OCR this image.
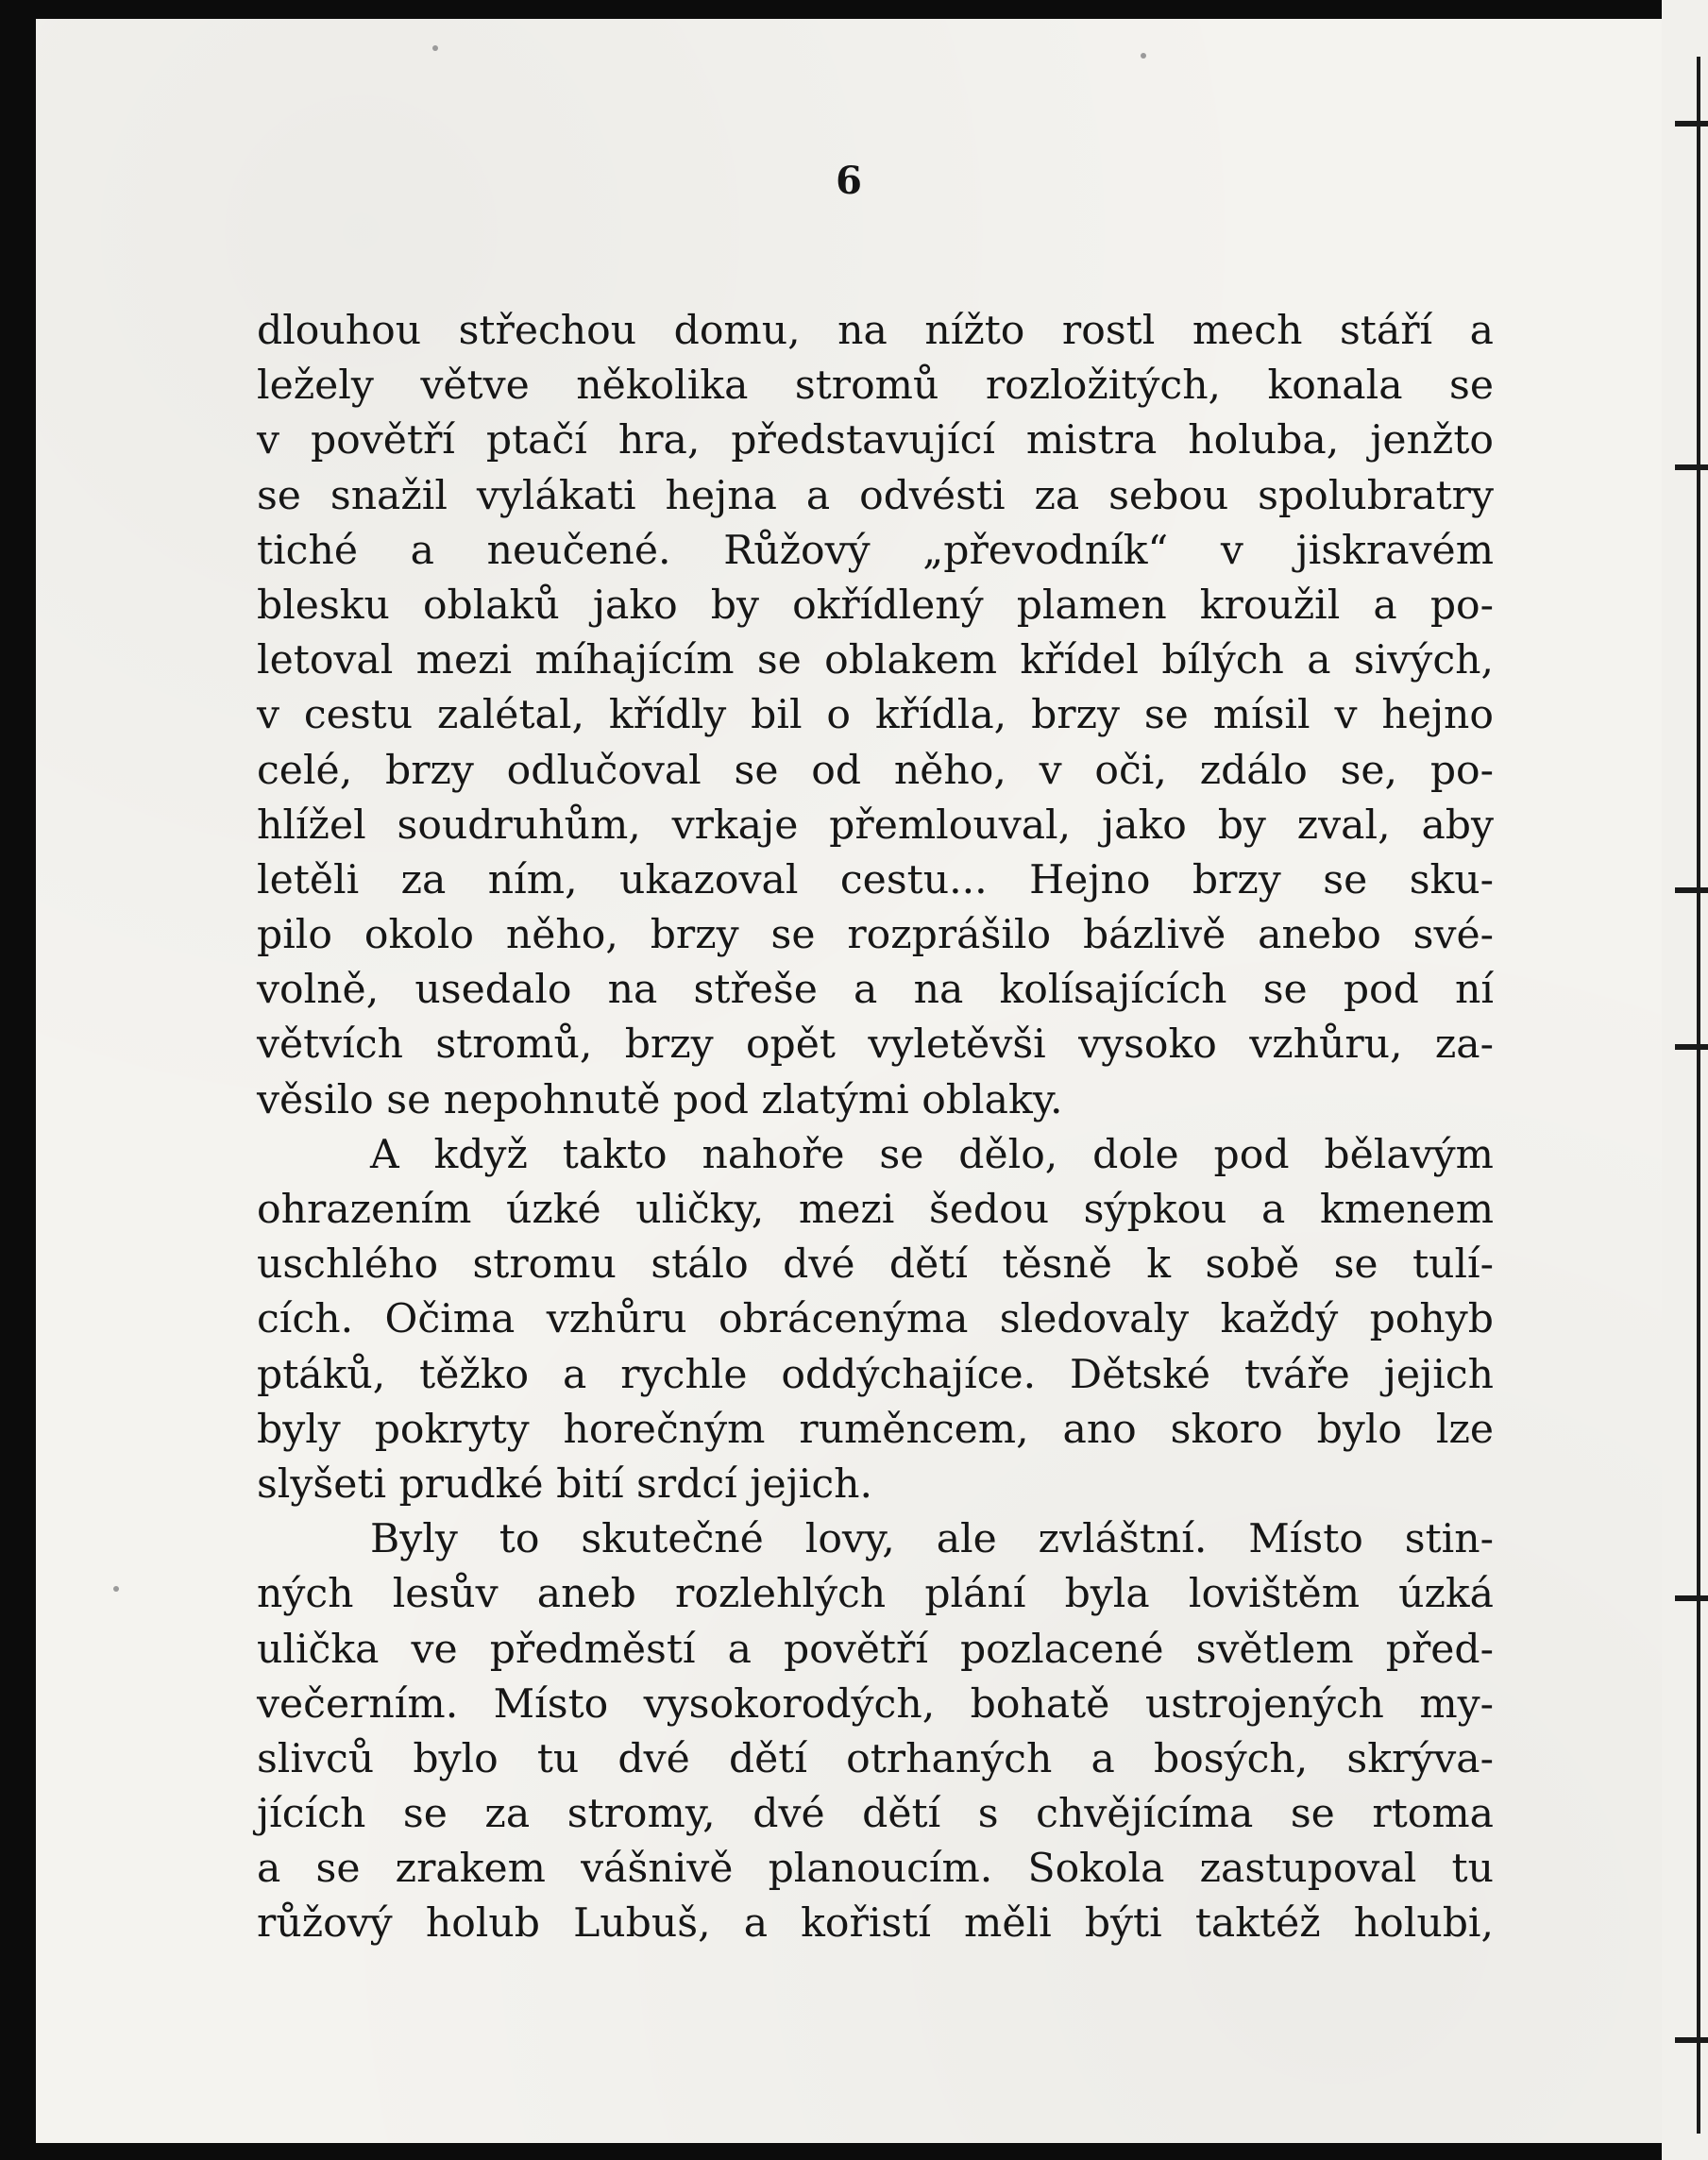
6

dlouhou střechou domu, na nížto rostl mech stáří a
ležely větve několika stromů rozložitých, konala se
v povětří ptačí hra, představující mistra holuba, jenžto
se snažil vylákati hejna a odvésti za sebou spolubratry
tiché a neučené. Růžový „převodník“ v jiskravém
blesku oblaků jako by okřídlený plamen kroužil a po-
letoval mezi míhajícím se oblakem křídel bílých a sivých,
v cestu zalétal, křídly bil o křídla, brzy se mísil v hejno
celé, brzy odlučoval se od něho, v oči, zdálo se, po-
hlížel soudruhům, vrkaje přemlouval, jako by zval, aby
letěli za ním, ukazoval cestu... Hejno brzy se sku-
pilo okolo něho, brzy se rozprášilo bázlivě anebo své-
volně, usedalo na střeše a na kolísajících se pod ní
větvích stromů, brzy opět vyletěvši vysoko vzhůru, za-
věsilo se nepohnutě pod zlatými oblaky.
A když takto nahoře se dělo, dole pod bělavým
ohrazením úzké uličky, mezi šedou sýpkou a kmenem
uschlého stromu stálo dvé dětí těsně k sobě se tulí-
cích. Očima vzhůru obrácenýma sledovaly každý pohyb
ptáků, těžko a rychle oddýchajíce. Dětské tváře jejich
byly pokryty horečným ruměncem, ano skoro bylo lze
slyšeti prudké bití srdcí jejich.
Byly to skutečné lovy, ale zvláštní. Místo stin-
ných lesův aneb rozlehlých plání byla lovištěm úzká
ulička ve předměstí a povětří pozlacené světlem před-
večerním. Místo vysokorodých, bohatě ustrojených my-
slivců bylo tu dvé dětí otrhaných a bosých, skrýva-
jících se za stromy, dvé dětí s chvějícíma se rtoma
a se zrakem vášnivě planoucím. Sokola zastupoval tu
růžový holub Lubuš, a kořistí měli býti taktéž holubi,
